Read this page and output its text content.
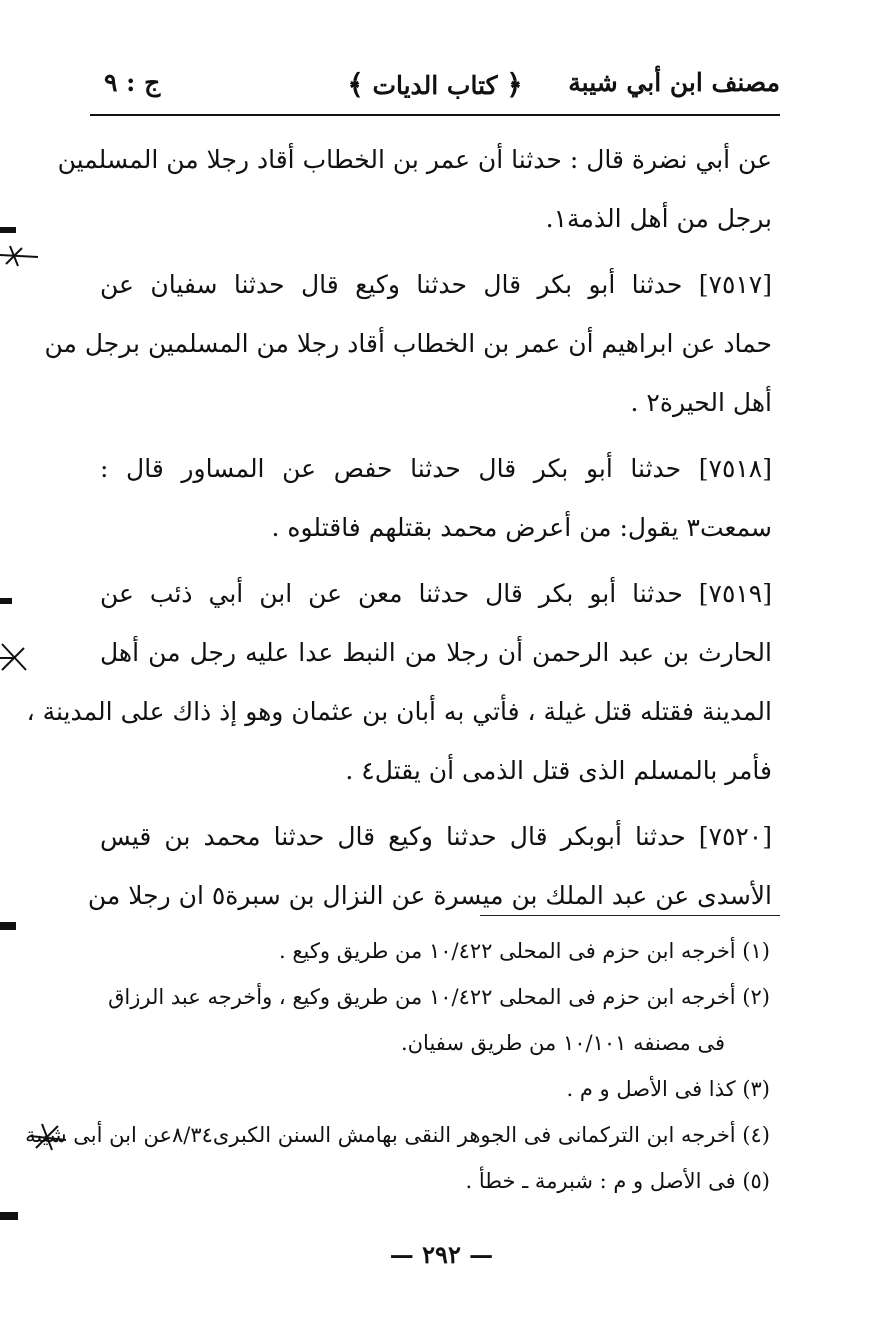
مصنف ابن أبي شيبة
﴿ كتاب الديات ﴾
ج : ٩
عن أبي نضرة قال : حدثنا أن عمر بن الخطاب أقاد رجلا من المسلمين
برجل من أهل الذمة١.
[٧٥١٧] حدثنا أبو بكر قال حدثنا وكيع قال حدثنا سفيان عن
حماد عن ابراهيم أن عمر بن الخطاب أقاد رجلا من المسلمين برجل من
أهل الحيرة٢ .
[٧٥١٨] حدثنا أبو بكر قال حدثنا حفص عن المساور قال :
سمعت٣ يقول: من أعرض محمد بقتلهم فاقتلوه .
[٧٥١٩] حدثنا أبو بكر قال حدثنا معن عن ابن أبي ذئب عن
الحارث بن عبد الرحمن أن رجلا من النبط عدا عليه رجل من أهل
المدينة فقتله قتل غيلة ، فأتي به أبان بن عثمان وهو إذ ذاك على المدينة ،
فأمر بالمسلم الذى قتل الذمى أن يقتل٤ .
[٧٥٢٠] حدثنا أبوبكر قال حدثنا وكيع قال حدثنا محمد بن قيس
الأسدى عن عبد الملك بن ميسرة عن النزال بن سبرة٥ ان رجلا من
(١) أخرجه ابن حزم فى المحلى ١٠/٤٢٢ من طريق وكيع .
(٢) أخرجه ابن حزم فى المحلى ١٠/٤٢٢ من طريق وكيع ، وأخرجه عبد الرزاق
فى مصنفه ١٠/١٠١ من طريق سفيان.
(٣) كذا فى الأصل و م .
(٤) أخرجه ابن التركمانى فى الجوهر النقى بهامش السنن الكبرى٨/٣٤عن ابن أبى شيبة
(٥) فى الأصل و م : شبرمة ـ خطأ .
— ٢٩٢ —
